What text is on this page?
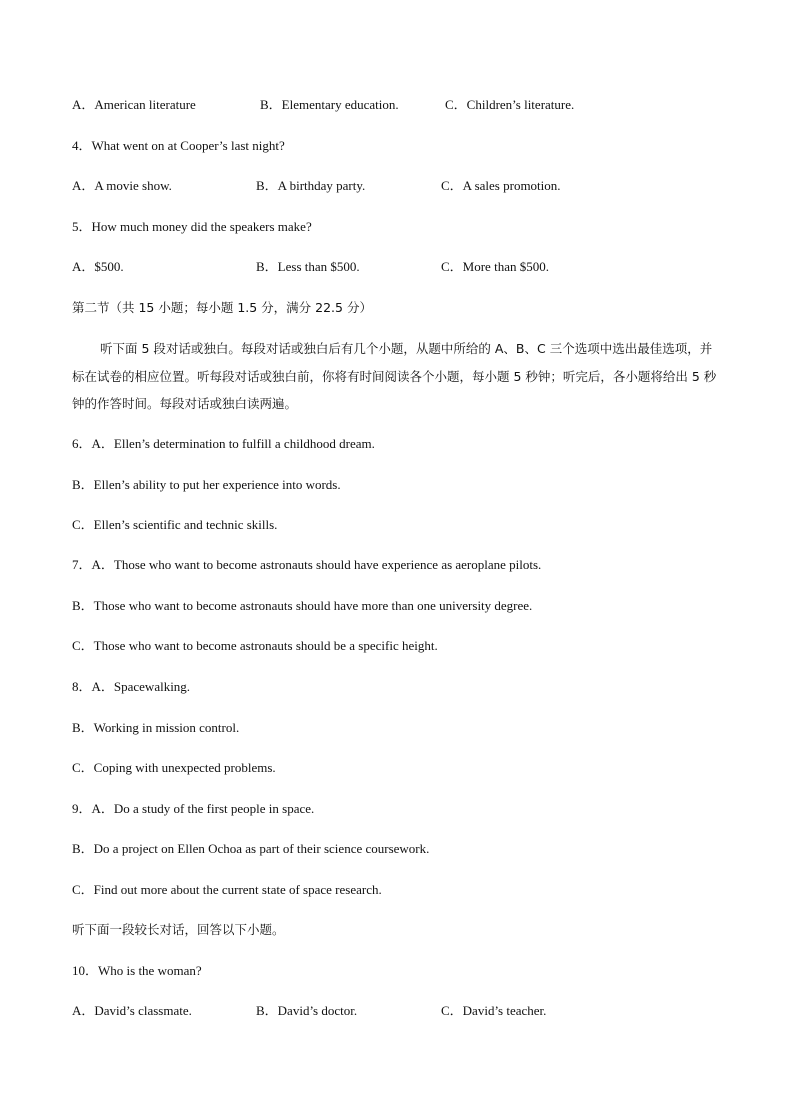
A．American literature	B．Elementary education.	C．Children’s literature.
4．What went on at Cooper’s last night?
A．A movie show.	B．A birthday party.	C．A sales promotion.
5．How much money did the speakers make?
A．$500.	B．Less than $500.	C．More than $500.
第二节（共 15 小题；每小题 1.5 分，满分 22.5 分）
听下面 5 段对话或独白。每段对话或独白后有几个小题，从题中所给的 A、B、C 三个选项中选出最佳选项，并标在试卷的相应位置。听每段对话或独白前，你将有时间阅读各个小题，每小题 5 秒钟；听完后，各小题将给出 5 秒钟的作答时间。每段对话或独白读两遍。
6．A．Ellen’s determination to fulfill a childhood dream.
B．Ellen’s ability to put her experience into words.
C．Ellen’s scientific and technic skills.
7．A．Those who want to become astronauts should have experience as aeroplane pilots.
B．Those who want to become astronauts should have more than one university degree.
C．Those who want to become astronauts should be a specific height.
8．A．Spacewalking.
B．Working in mission control.
C．Coping with unexpected problems.
9．A．Do a study of the first people in space.
B．Do a project on Ellen Ochoa as part of their science coursework.
C．Find out more about the current state of space research.
听下面一段较长对话，回答以下小题。
10．Who is the woman?
A．David’s classmate.	B．David’s doctor.	C．David’s teacher.
